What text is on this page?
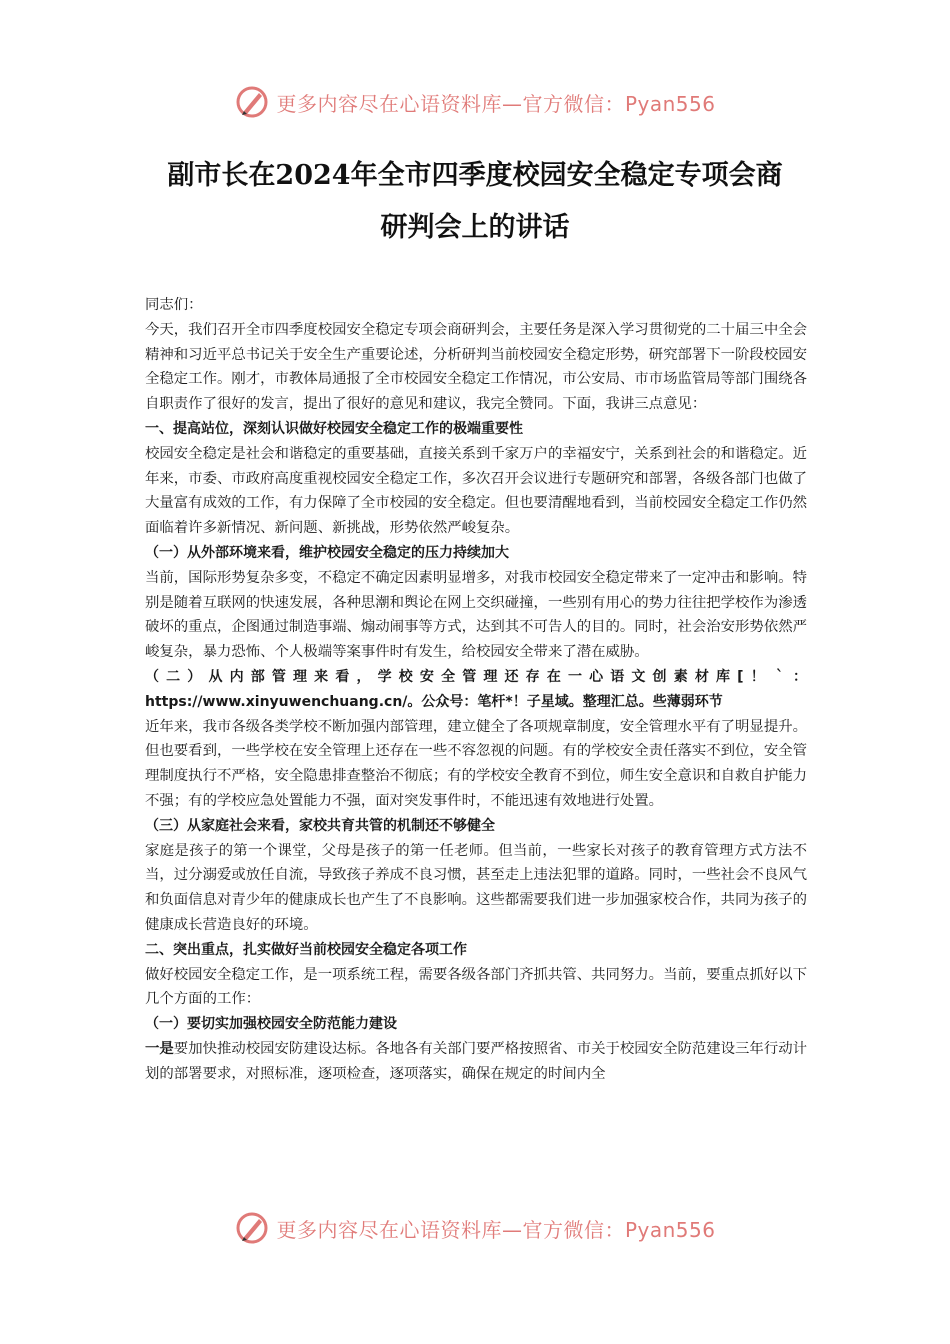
更多内容尽在心语资料库—官方微信：Pyan556
副市长在2024年全市四季度校园安全稳定专项会商
研判会上的讲话

同志们：

今天，我们召开全市四季度校园安全稳定专项会商研判会，主要任务是深入学习贯彻党的二十届三中全会精神和习近平总书记关于安全生产重要论述，分析研判当前校园安全稳定形势，研究部署下一阶段校园安全稳定工作。刚才，市教体局通报了全市校园安全稳定工作情况，市公安局、市市场监管局等部门围绕各自职责作了很好的发言，提出了很好的意见和建议，我完全赞同。下面，我讲三点意见：

一、提高站位，深刻认识做好校园安全稳定工作的极端重要性

校园安全稳定是社会和谐稳定的重要基础，直接关系到千家万户的幸福安宁，关系到社会的和谐稳定。近年来，市委、市政府高度重视校园安全稳定工作，多次召开会议进行专题研究和部署，各级各部门也做了大量富有成效的工作，有力保障了全市校园的安全稳定。但也要清醒地看到，当前校园安全稳定工作仍然面临着许多新情况、新问题、新挑战，形势依然严峻复杂。

（一）从外部环境来看，维护校园安全稳定的压力持续加大

当前，国际形势复杂多变，不稳定不确定因素明显增多，对我市校园安全稳定带来了一定冲击和影响。特别是随着互联网的快速发展，各种思潮和舆论在网上交织碰撞，一些别有用心的势力往往把学校作为渗透破坏的重点，企图通过制造事端、煽动闹事等方式，达到其不可告人的目的。同时，社会治安形势依然严峻复杂，暴力恐怖、个人极端等案事件时有发生，给校园安全带来了潜在威胁。

（二）从内部管理来看，学校安全管理还存在一心语文创素材库[！｀：https://www.xinyuwenchuang.cn/。公众号：笔杆*！子星域。整理汇总。些薄弱环节

近年来，我市各级各类学校不断加强内部管理，建立健全了各项规章制度，安全管理水平有了明显提升。但也要看到，一些学校在安全管理上还存在一些不容忽视的问题。有的学校安全责任落实不到位，安全管理制度执行不严格，安全隐患排查整治不彻底；有的学校安全教育不到位，师生安全意识和自救自护能力不强；有的学校应急处置能力不强，面对突发事件时，不能迅速有效地进行处置。

（三）从家庭社会来看，家校共育共管的机制还不够健全

家庭是孩子的第一个课堂，父母是孩子的第一任老师。但当前，一些家长对孩子的教育管理方式方法不当，过分溺爱或放任自流，导致孩子养成不良习惯，甚至走上违法犯罪的道路。同时，一些社会不良风气和负面信息对青少年的健康成长也产生了不良影响。这些都需要我们进一步加强家校合作，共同为孩子的健康成长营造良好的环境。

二、突出重点，扎实做好当前校园安全稳定各项工作

做好校园安全稳定工作，是一项系统工程，需要各级各部门齐抓共管、共同努力。当前，要重点抓好以下几个方面的工作：

（一）要切实加强校园安全防范能力建设

一是要加快推动校园安防建设达标。各地各有关部门要严格按照省、市关于校园安全防范建设三年行动计划的部署要求，对照标准，逐项检查，逐项落实，确保在规定的时间内全

更多内容尽在心语资料库—官方微信：Pyan556
